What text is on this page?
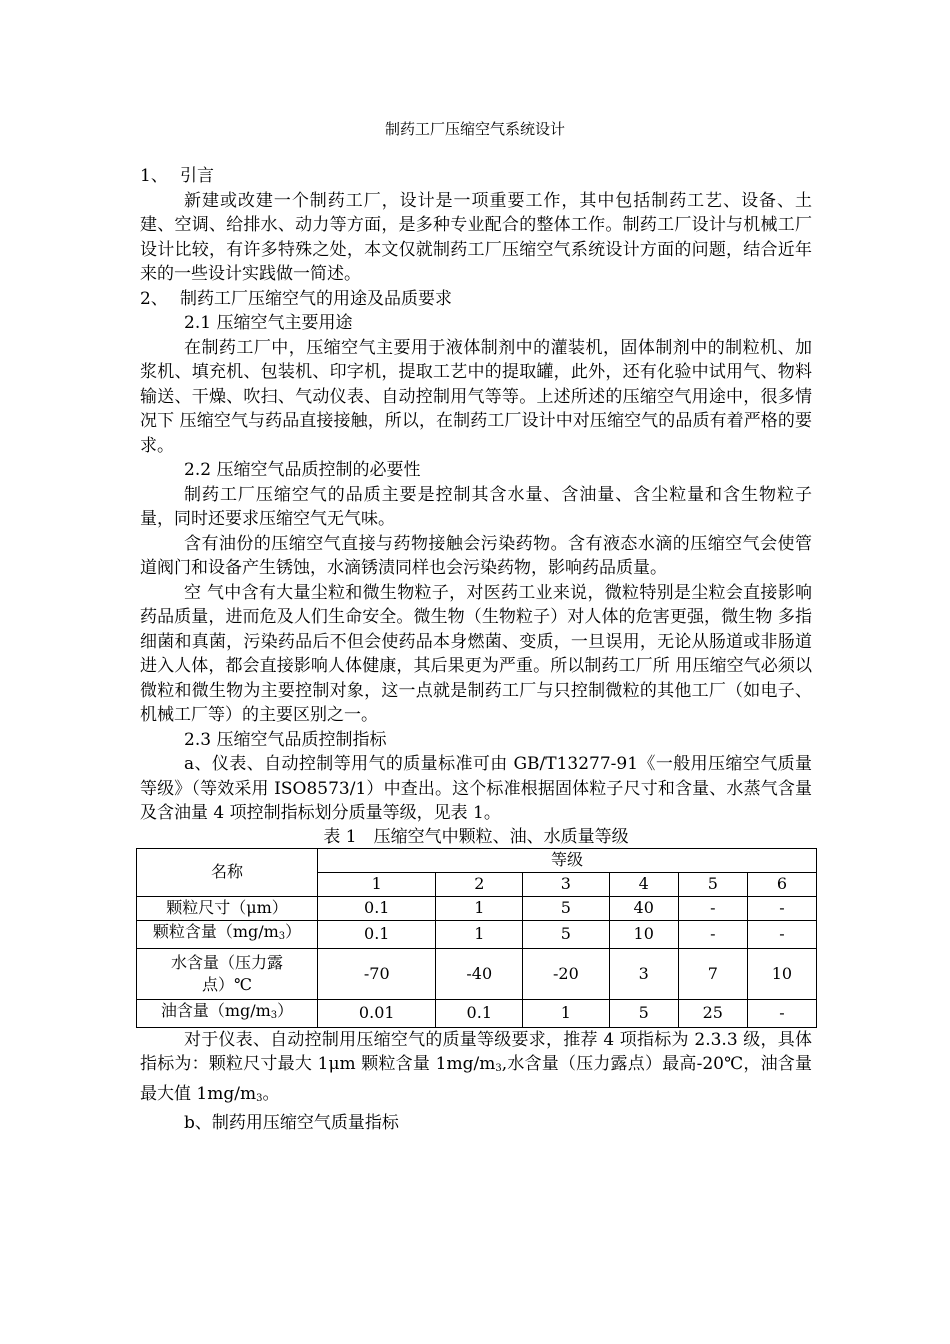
制药工厂压缩空气系统设计

1、 引言

新建或改建一个制药工厂，设计是一项重要工作，其中包括制药工艺、设备、土建、空调、给排水、动力等方面，是多种专业配合的整体工作。制药工厂设计与机械工厂设计比较，有许多特殊之处，本文仅就制药工厂压缩空气系统设计方面的问题，结合近年来的一些设计实践做一简述。

2、 制药工厂压缩空气的用途及品质要求

2.1 压缩空气主要用途

在制药工厂中，压缩空气主要用于液体制剂中的灌装机，固体制剂中的制粒机、加浆机、填充机、包装机、印字机，提取工艺中的提取罐，此外，还有化验中试用气、物料输送、干燥、吹扫、气动仪表、自动控制用气等等。上述所述的压缩空气用途中，很多情况下 压缩空气与药品直接接触，所以，在制药工厂设计中对压缩空气的品质有着严格的要求。

2.2 压缩空气品质控制的必要性

制药工厂压缩空气的品质主要是控制其含水量、含油量、含尘粒量和含生物粒子量，同时还要求压缩空气无气味。

含有油份的压缩空气直接与药物接触会污染药物。含有液态水滴的压缩空气会使管道阀门和设备产生锈蚀，水滴锈渍同样也会污染药物，影响药品质量。

空 气中含有大量尘粒和微生物粒子，对医药工业来说，微粒特别是尘粒会直接影响药品质量，进而危及人们生命安全。微生物（生物粒子）对人体的危害更强，微生物 多指细菌和真菌，污染药品后不但会使药品本身燃菌、变质，一旦误用，无论从肠道或非肠道进入人体，都会直接影响人体健康，其后果更为严重。所以制药工厂所 用压缩空气必须以微粒和微生物为主要控制对象，这一点就是制药工厂与只控制微粒的其他工厂（如电子、机械工厂等）的主要区别之一。

2.3 压缩空气品质控制指标

a、仪表、自动控制等用气的质量标准可由 GB/T13277-91《一般用压缩空气质量等级》（等效采用 ISO8573/1）中查出。这个标准根据固体粒子尺寸和含量、水蒸气含量及含油量 4 项控制指标划分质量等级，见表 1。

表 1　压缩空气中颗粒、油、水质量等级
名称	等级					
	1	2	3	4	5	6
颗粒尺寸（μm）	0.1	1	5	40	-	-
颗粒含量$(mg/m_3)$	0.1	1	5	10	-	-

水含量（压力露
点）℃	-70	-40	-20	3	7	10
油含量$(mg/m_3)$	0.01	0.1	1	5	25	-

对于仪表、自动控制用压缩空气的质量等级要求，推荐 4 项指标为 2.3.3 级，具体指标为：颗粒尺寸最大 1μm 颗粒含量 $1mg/m_3$,水含量（压力露点）最高-20℃，油含量最大值 $1mg/m_3$。

b、制药用压缩空气质量指标
